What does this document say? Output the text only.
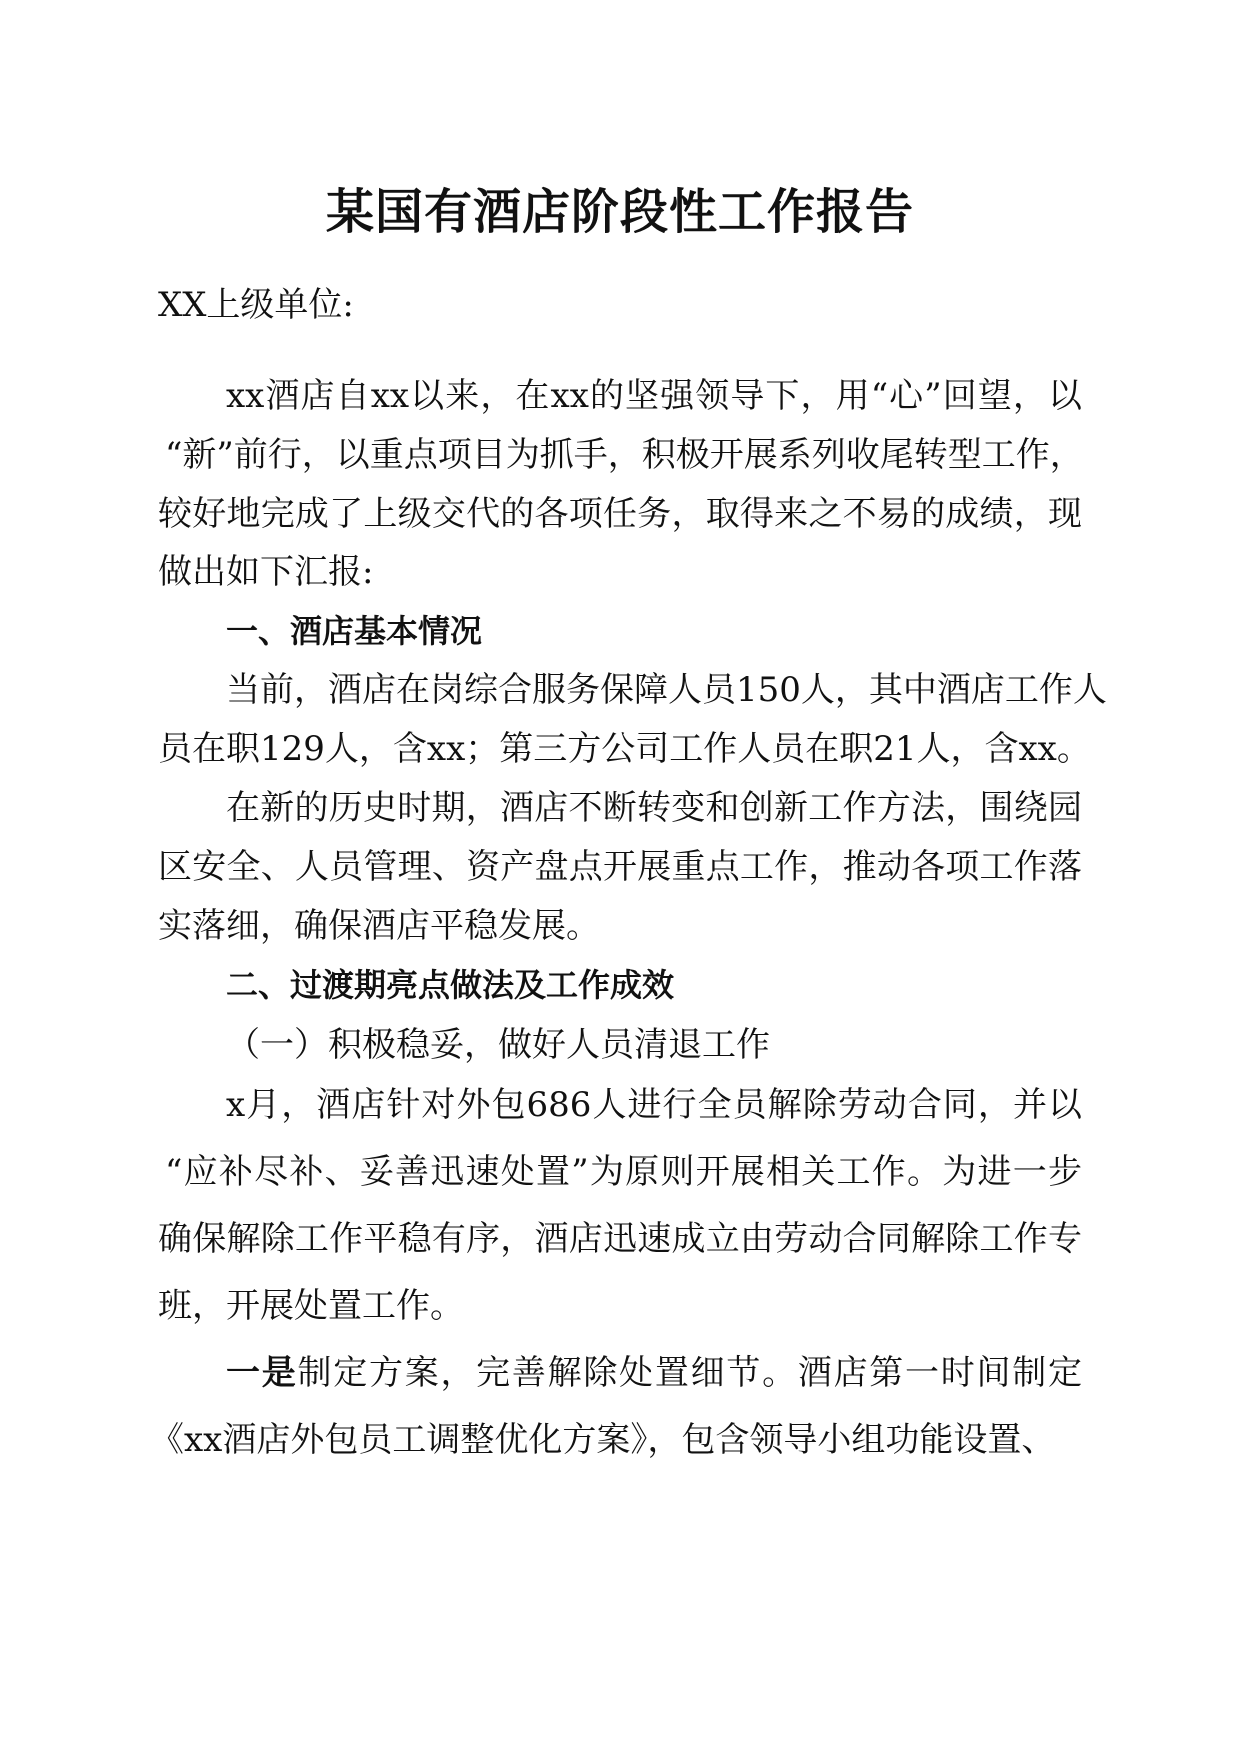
某国有酒店阶段性工作报告
XX上级单位:
xx酒店自xx以来，在xx的坚强领导下，用“心”回望，以
“新”前行，以重点项目为抓手，积极开展系列收尾转型工作，
较好地完成了上级交代的各项任务，取得来之不易的成绩，现
做出如下汇报:
一、酒店基本情况
当前，酒店在岗综合服务保障人员150人，其中酒店工作人
员在职129人，含xx；第三方公司工作人员在职21人，含xx。
在新的历史时期，酒店不断转变和创新工作方法，围绕园
区安全、人员管理、资产盘点开展重点工作，推动各项工作落
实落细，确保酒店平稳发展。
二、过渡期亮点做法及工作成效
（一）积极稳妥，做好人员清退工作
x月，酒店针对外包686人进行全员解除劳动合同，并以
“应补尽补、妥善迅速处置”为原则开展相关工作。为进一步
确保解除工作平稳有序，酒店迅速成立由劳动合同解除工作专
班，开展处置工作。
一是制定方案，完善解除处置细节。酒店第一时间制定
《xx酒店外包员工调整优化方案》，包含领导小组功能设置、
